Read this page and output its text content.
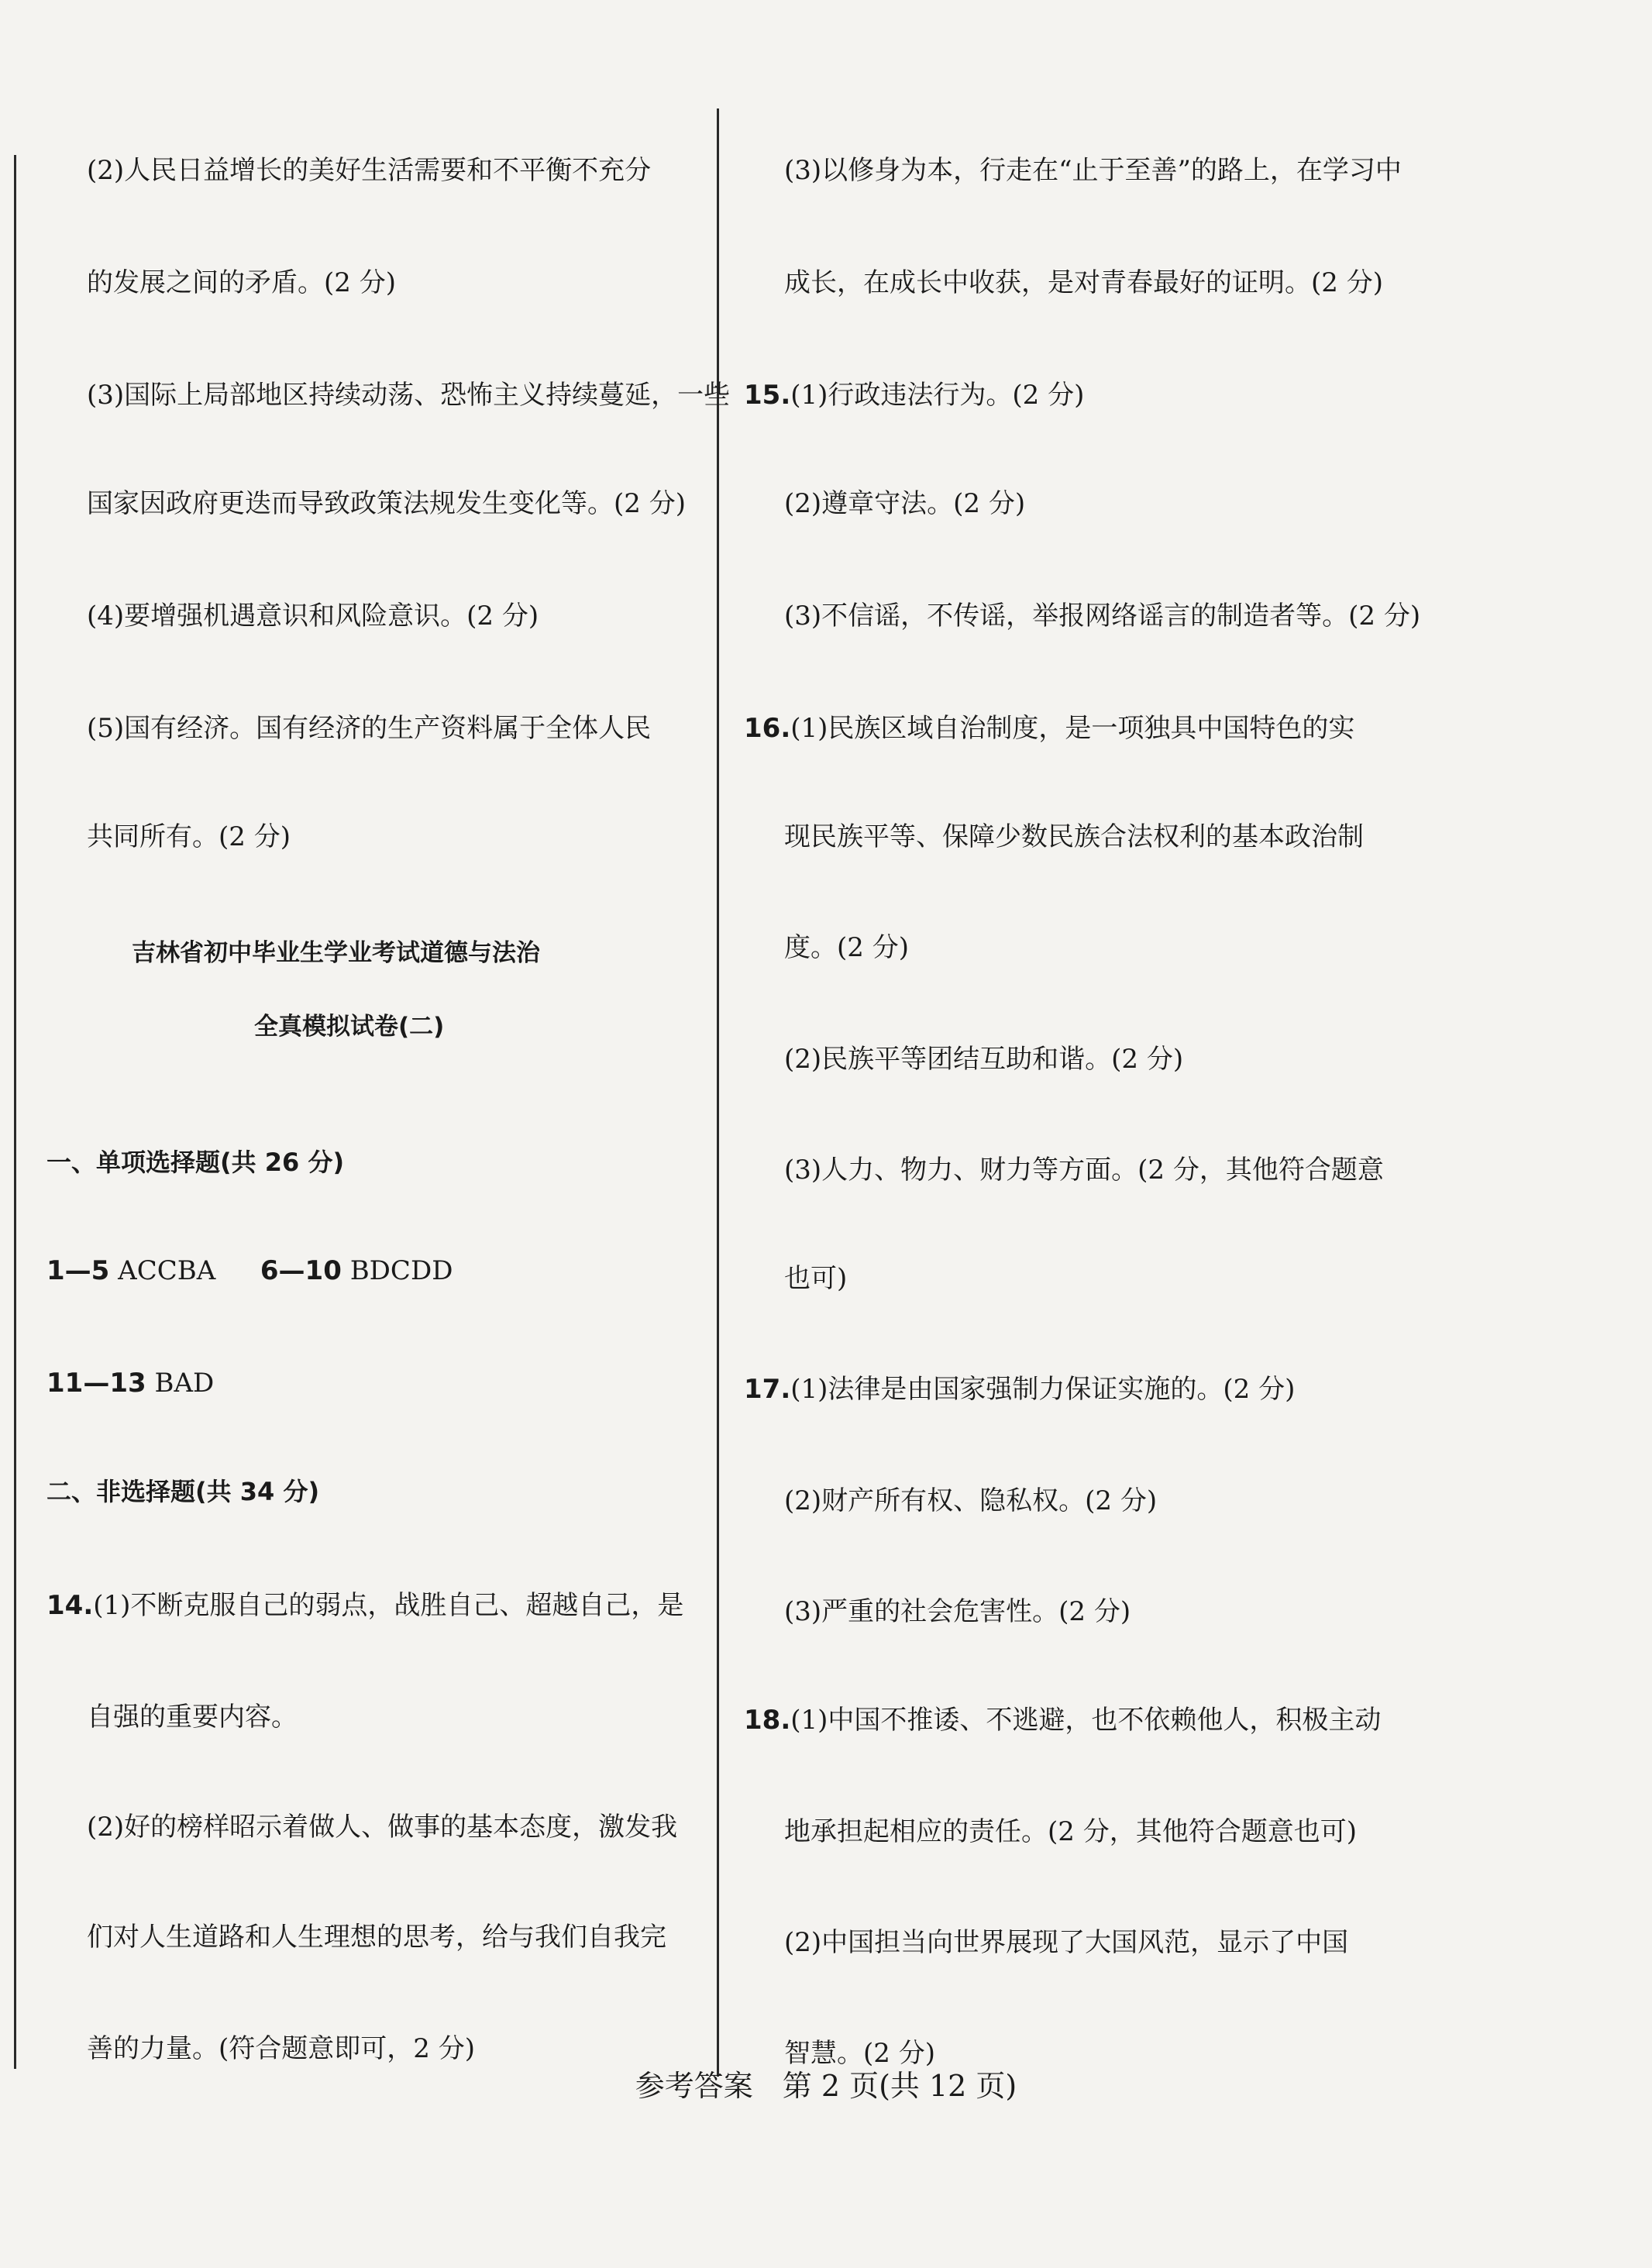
(2)人民日益增长的美好生活需要和不平衡不充分
的发展之间的矛盾。(2 分)
(3)国际上局部地区持续动荡、恐怖主义持续蔓延，一些
国家因政府更迭而导致政策法规发生变化等。(2 分)
(4)要增强机遇意识和风险意识。(2 分)
(5)国有经济。国有经济的生产资料属于全体人民
共同所有。(2 分)
吉林省初中毕业生学业考试道德与法治
全真模拟试卷(二)
一、单项选择题(共 26 分)
1—5 ACCBA 6—10 BDCDD
11—13 BAD
二、非选择题(共 34 分)
14.(1)不断克服自己的弱点，战胜自己、超越自己，是
自强的重要内容。
(2)好的榜样昭示着做人、做事的基本态度，激发我
们对人生道路和人生理想的思考，给与我们自我完
善的力量。(符合题意即可，2 分)
(3)以修身为本，行走在“止于至善”的路上，在学习中
成长，在成长中收获，是对青春最好的证明。(2 分)
15.(1)行政违法行为。(2 分)
(2)遵章守法。(2 分)
(3)不信谣，不传谣，举报网络谣言的制造者等。(2 分)
16.(1)民族区域自治制度，是一项独具中国特色的实
现民族平等、保障少数民族合法权利的基本政治制
度。(2 分)
(2)民族平等团结互助和谐。(2 分)
(3)人力、物力、财力等方面。(2 分，其他符合题意
也可)
17.(1)法律是由国家强制力保证实施的。(2 分)
(2)财产所有权、隐私权。(2 分)
(3)严重的社会危害性。(2 分)
18.(1)中国不推诿、不逃避，也不依赖他人，积极主动
地承担起相应的责任。(2 分，其他符合题意也可)
(2)中国担当向世界展现了大国风范，显示了中国
智慧。(2 分)
参考答案　第 2 页(共 12 页)
